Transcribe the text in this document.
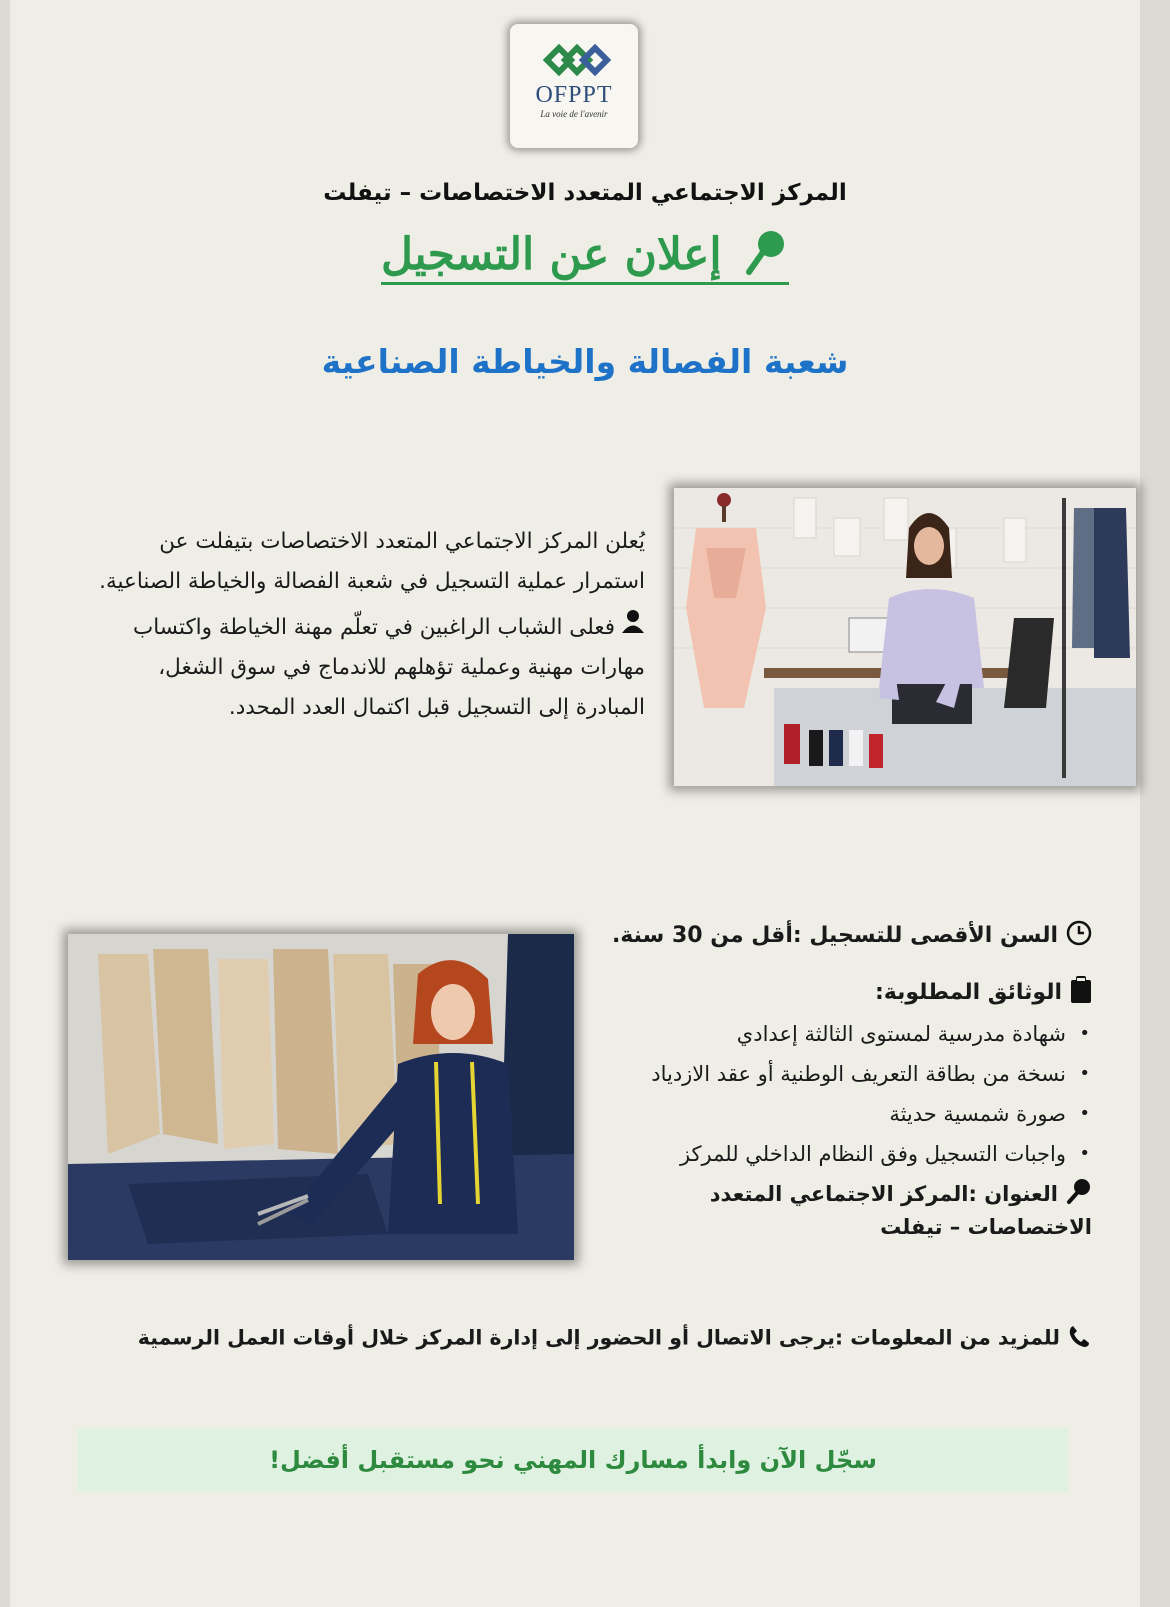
OFPPT
La voie de l'avenir
المركز الاجتماعي المتعدد الاختصاصات – تيفلت
إعلان عن التسجيل
شعبة الفصالة والخياطة الصناعية

يُعلن المركز الاجتماعي المتعدد الاختصاصات بتيفلت عن استمرار عملية التسجيل في شعبة الفصالة والخياطة الصناعية.

فعلى الشباب الراغبين في تعلّم مهنة الخياطة واكتساب مهارات مهنية وعملية تؤهلهم للاندماج في سوق الشغل، المبادرة إلى التسجيل قبل اكتمال العدد المحدد.

السن الأقصى للتسجيل :أقل من 30 سنة.
الوثائق المطلوبة:
• شهادة مدرسية لمستوى الثالثة إعدادي
• نسخة من بطاقة التعريف الوطنية أو عقد الازدياد
• صورة شمسية حديثة
• واجبات التسجيل وفق النظام الداخلي للمركز
العنوان :المركز الاجتماعي المتعدد الاختصاصات – تيفلت
للمزيد من المعلومات :يرجى الاتصال أو الحضور إلى إدارة المركز خلال أوقات العمل الرسمية
سجّل الآن وابدأ مسارك المهني نحو مستقبل أفضل!
